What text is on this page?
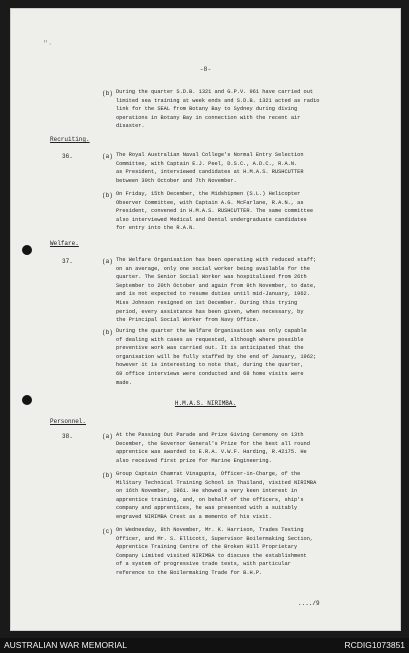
"·
-8-
(b) During the quarter S.D.B. 1321 and G.P.V. 961 have carried out
limited sea training at week ends and S.D.B. 1321 acted as radio
link for the SEAL from Botany Bay to Sydney during diving
operations in Botany Bay in connection with the recent air
disaster.

Recruiting.
36.	(a) The Royal Australian Naval College's Normal Entry Selection
Committee, with Captain E.J. Peel, D.S.C., A.D.C., R.A.N.
as President, interviewed candidates at H.M.A.S. RUSHCUTTER
between 30th October and 7th November.

(b) On Friday, 15th December, the Midshipmen (S.L.) Helicopter
Observer Committee, with Captain A.G. McFarlane, R.A.N., as
President, convened in H.M.A.S. RUSHCUTTER. The same committee
also interviewed Medical and Dental undergraduate candidates
for entry into the R.A.N.

Welfare.
37.	(a) The Welfare Organisation has been operating with reduced staff;
on an average, only one social worker being available for the
quarter. The Senior Social Worker was hospitalised from 26th
September to 20th October and again from 9th November, to date,
and is not expected to resume duties until mid-January, 1962.
Miss Johnson resigned on 1st December. During this trying
period, every assistance has been given, when necessary, by
the Principal Social Worker from Navy Office.

(b) During the quarter the Welfare Organisation was only capable
of dealing with cases as requested, although where possible
preventive work was carried out. It is anticipated that the
organisation will be fully staffed by the end of January, 1962;
however it is interesting to note that, during the quarter,
69 office interviews were conducted and 68 home visits were
made.

H.M.A.S. NIRIMBA.
Personnel.
38.	(a) At the Passing Out Parade and Prize Giving Ceremony on 13th
December, the Governor General's Prize for the best all round
apprentice was awarded to E.R.A. V.W.F. Harding, R.42175. He
also received first prize for Marine Engineering.

(b) Group Captain Chamrat Vinagupta, Officer-in-Charge, of the
Military Technical Training School in Thailand, visited NIRIMBA
on 16th November, 1961. He showed a very keen interest in
apprentice training, and, on behalf of the officers, ship's
company and apprentices, he was presented with a suitably
engraved NIRIMBA Crest as a memento of his visit.

(c) On Wednesday, 8th November, Mr. K. Harrison, Trades Testing
Officer, and Mr. S. Ellicott, Supervisor Boilermaking Section,
Apprentice Training Centre of the Broken Hill Proprietary
Company Limited visited NIRIMBA to discuss the establishment
of a system of progressive trade tests, with particular
reference to the Boilermaking Trade for B.H.P.

..../9
AUSTRALIAN WAR MEMORIAL	RCDIG1073851
